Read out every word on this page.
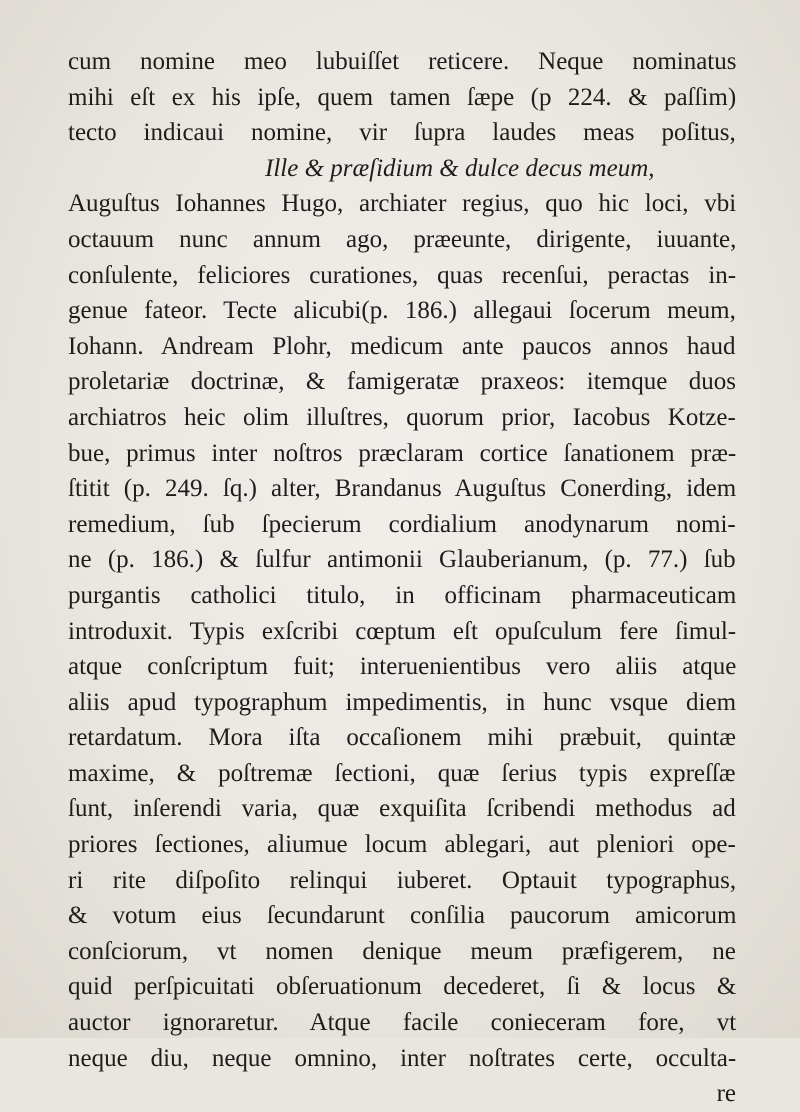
cum nomine meo lubuiſſet reticere. Neque nominatus
mihi eſt ex his ipſe, quem tamen ſæpe (p 224. & paſſim)
tecto indicaui nomine, vir ſupra laudes meas poſitus,
Ille & præſidium & dulce decus meum,
Auguſtus Iohannes Hugo, archiater regius, quo hic loci, vbi
octauum nunc annum ago, præeunte, dirigente, iuuante,
conſulente, feliciores curationes, quas recenſui, peractas in-
genue fateor. Tecte alicubi(p. 186.) allegaui ſocerum meum,
Iohann. Andream Plohr, medicum ante paucos annos haud
proletariæ doctrinæ, & famigeratæ praxeos: itemque duos
archiatros heic olim illuſtres, quorum prior, Iacobus Kotze-
bue, primus inter noſtros præclaram cortice ſanationem præ-
ſtitit (p. 249. ſq.) alter, Brandanus Auguſtus Conerding, idem
remedium, ſub ſpecierum cordialium anodynarum nomi-
ne (p. 186.) & ſulfur antimonii Glauberianum, (p. 77.) ſub
purgantis catholici titulo, in officinam pharmaceuticam
introduxit. Typis exſcribi cœptum eſt opuſculum fere ſimul-
atque conſcriptum fuit; interuenientibus vero aliis atque
aliis apud typographum impedimentis, in hunc vsque diem
retardatum. Mora iſta occaſionem mihi præbuit, quintæ
maxime, & poſtremæ ſectioni, quæ ſerius typis expreſſæ
ſunt, inſerendi varia, quæ exquiſita ſcribendi methodus ad
priores ſectiones, aliumue locum ablegari, aut pleniori ope-
ri rite diſpoſito relinqui iuberet. Optauit typographus,
& votum eius ſecundarunt conſilia paucorum amicorum
conſciorum, vt nomen denique meum præfigerem, ne
quid perſpicuitati obſeruationum decederet, ſi & locus &
auctor ignoraretur. Atque facile conieceram fore, vt
neque diu, neque omnino, inter noſtrates certe, occulta-
re
